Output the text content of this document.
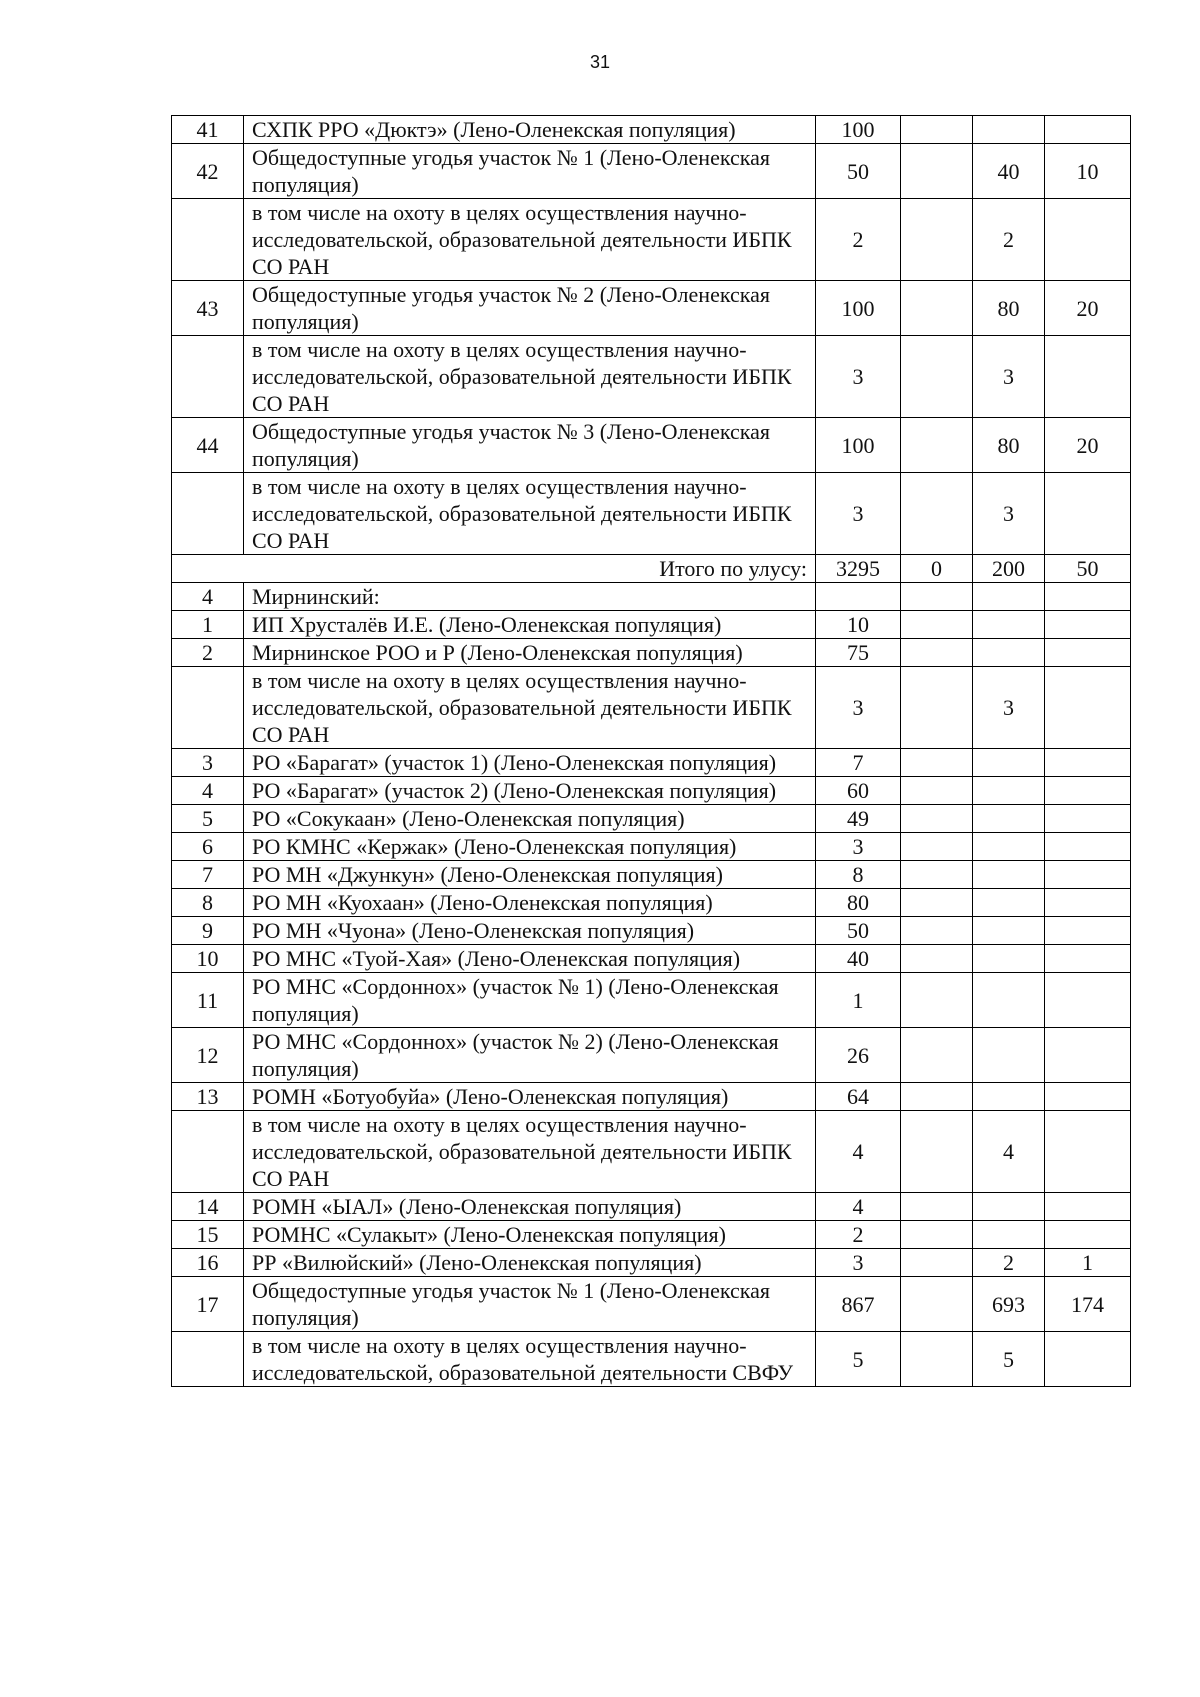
31
41	СХПК РРО «Дюктэ» (Лено-Оленекская популяция)	100			
42	Общедоступные угодья участок № 1 (Лено-Оленекская популяция)	50		40	10
	в том числе на охоту в целях осуществления научно-исследовательской, образовательной деятельности ИБПК СО РАН	2		2	
43	Общедоступные угодья участок № 2 (Лено-Оленекская популяция)	100		80	20
	в том числе на охоту в целях осуществления научно-исследовательской, образовательной деятельности ИБПК СО РАН	3		3	
44	Общедоступные угодья участок № 3 (Лено-Оленекская популяция)	100		80	20
	в том числе на охоту в целях осуществления научно-исследовательской, образовательной деятельности ИБПК СО РАН	3		3	
Итого по улусу:		3295	0	200	50
4	Мирнинский:				
1	ИП Хрусталёв И.Е. (Лено-Оленекская популяция)	10			
2	Мирнинское РОО и Р (Лено-Оленекская популяция)	75			
	в том числе на охоту в целях осуществления научно-исследовательской, образовательной деятельности ИБПК СО РАН	3		3	
3	РО «Барагат» (участок 1) (Лено-Оленекская популяция)	7			
4	РО «Барагат» (участок 2) (Лено-Оленекская популяция)	60			
5	РО «Сокукаан» (Лено-Оленекская популяция)	49			
6	РО КМНС «Кержак» (Лено-Оленекская популяция)	3			
7	РО МН «Джункун» (Лено-Оленекская популяция)	8			
8	РО МН «Куохаан» (Лено-Оленекская популяция)	80			
9	РО МН «Чуона» (Лено-Оленекская популяция)	50			
10	РО МНС «Туой-Хая» (Лено-Оленекская популяция)	40			
11	РО МНС «Сордоннох» (участок № 1) (Лено-Оленекская популяция)	1			
12	РО МНС «Сордоннох» (участок № 2) (Лено-Оленекская популяция)	26			
13	РОМН «Ботуобуйа» (Лено-Оленекская популяция)	64			
	в том числе на охоту в целях осуществления научно-исследовательской, образовательной деятельности ИБПК СО РАН	4		4	
14	РОМН «ЫАЛ» (Лено-Оленекская популяция)	4			
15	РОМНС «Сулакыт» (Лено-Оленекская популяция)	2			
16	РР «Вилюйский» (Лено-Оленекская популяция)	3		2	1
17	Общедоступные угодья участок № 1 (Лено-Оленекская популяция)	867		693	174
	в том числе на охоту в целях осуществления научно-исследовательской, образовательной деятельности СВФУ	5		5	
